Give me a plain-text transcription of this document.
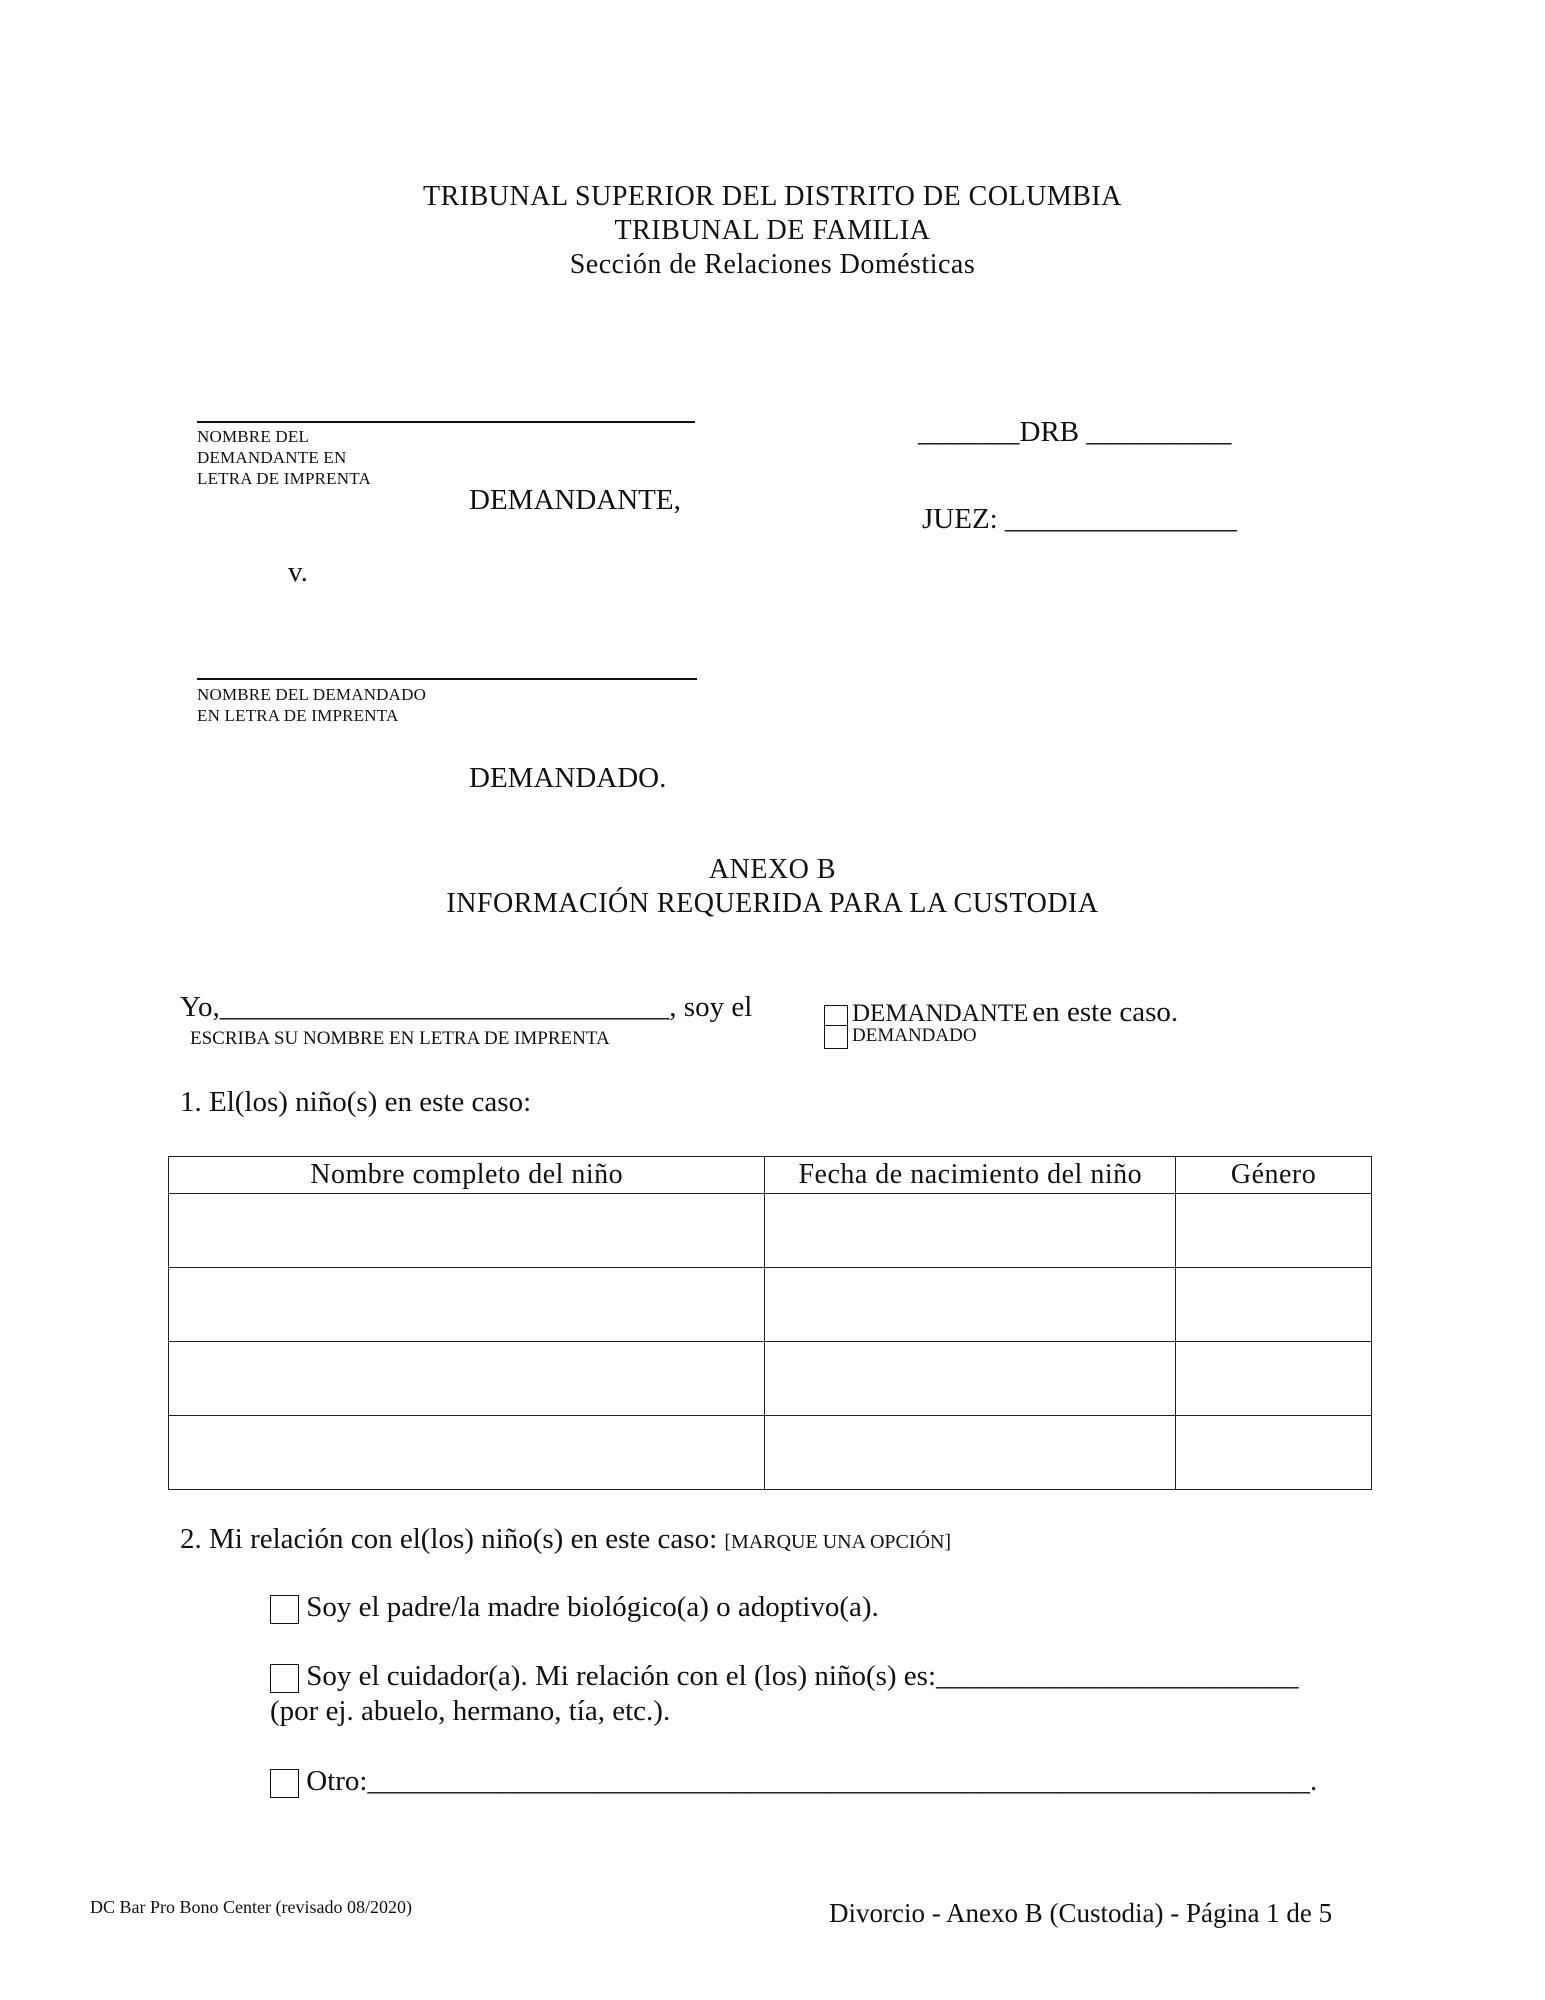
TRIBUNAL SUPERIOR DEL DISTRITO DE COLUMBIA
TRIBUNAL DE FAMILIA
Sección de Relaciones Domésticas
NOMBRE DEL
DEMANDANTE EN
LETRA DE IMPRENTA
DEMANDANTE,
v.
NOMBRE DEL DEMANDADO
EN LETRA DE IMPRENTA
DEMANDADO.
_______DRB __________
JUEZ: ________________
ANEXO B
INFORMACIÓN REQUERIDA PARA LA CUSTODIA
Yo,_______________________________, soy el
ESCRIBA SU NOMBRE EN LETRA DE IMPRENTA
DEMANDANTE en este caso.
DEMANDADO
1. El(los) niño(s) en este caso:
Nombre completo del niño	Fecha de nacimiento del niño	Género

2. Mi relación con el(los) niño(s) en este caso: [MARQUE UNA OPCIÓN]
Soy el padre/la madre biológico(a) o adoptivo(a).
Soy el cuidador(a). Mi relación con el (los) niño(s) es:_________________________
(por ej. abuelo, hermano, tía, etc.).
Otro:_________________________________________________________________.
DC Bar Pro Bono Center (revisado 08/2020)	Divorcio - Anexo B (Custodia) - Página 1 de 5
